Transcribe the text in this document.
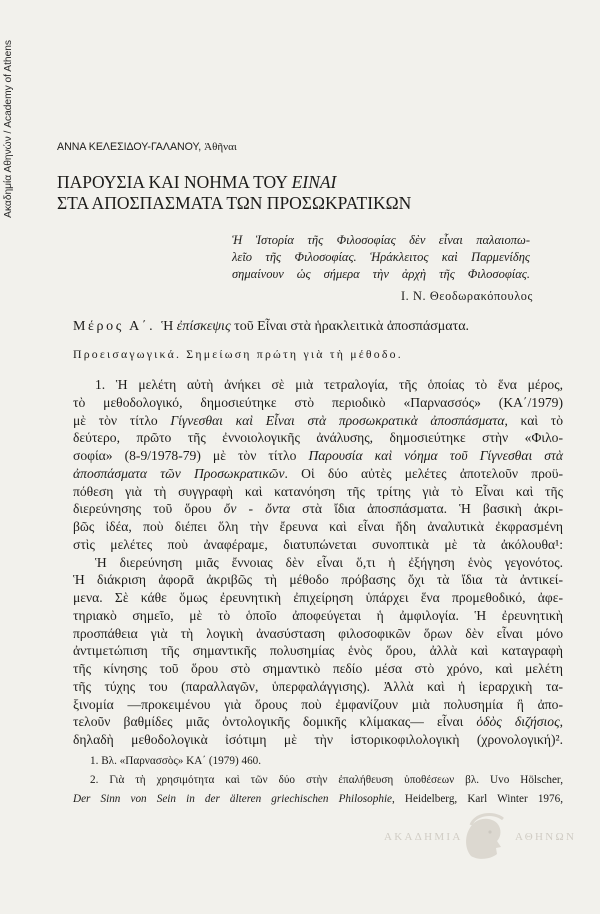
Ακαδημία Αθηνών / Academy of Athens	ΑΝΝΑ ΚΕΛΕΣΙΔΟΥ-ΓΑΛΑΝΟΥ, Ἀθῆναι
ΠΑΡΟΥΣΙΑ ΚΑΙ ΝΟΗΜΑ ΤΟΥ ΕΙΝΑΙ
ΣΤΑ ΑΠΟΣΠΑΣΜΑΤΑ ΤΩΝ ΠΡΟΣΩΚΡΑΤΙΚΩΝ
Ἡ Ἱστορία τῆς Φιλοσοφίας δὲν εἶναι παλαιοπω-
λεῖο τῆς Φιλοσοφίας. Ἡράκλειτος καὶ Παρμενίδης
σημαίνουν ὡς σήμερα τὴν ἀρχὴ τῆς Φιλοσοφίας.
Ι. Ν. Θεοδωρακόπουλος
Μέρος Α΄. Ἡ ἐπίσκεψις τοῦ Εἶναι στὰ ἡρακλειτικὰ ἀποσπάσματα.
Προεισαγωγικά. Σημείωση πρώτη γιὰ τὴ μέθοδο.
1. Ἡ μελέτη αὐτὴ ἀνήκει σὲ μιὰ τετραλογία, τῆς ὁποίας τὸ ἕνα μέρος,
τὸ μεθοδολογικό, δημοσιεύτηκε στὸ περιοδικὸ «Παρνασσός» (ΚΑ΄/1979)
μὲ τὸν τίτλο Γίγνεσθαι καὶ Εἶναι στὰ προσωκρατικὰ ἀποσπάσματα, καὶ τὸ
δεύτερο, πρῶτο τῆς ἐννοιολογικῆς ἀνάλυσης, δημοσιεύτηκε στὴν «Φιλο-
σοφία» (8-9/1978-79) μὲ τὸν τίτλο Παρουσία καὶ νόημα τοῦ Γίγνεσθαι στὰ
ἀποσπάσματα τῶν Προσωκρατικῶν. Οἱ δύο αὐτὲς μελέτες ἀποτελοῦν προϋ-
πόθεση γιὰ τὴ συγγραφὴ καὶ κατανόηση τῆς τρίτης γιὰ τὸ Εἶναι καὶ τῆς
διερεύνησης τοῦ ὅρου ὄν - ὄντα στὰ ἴδια ἀποσπάσματα. Ἡ βασικὴ ἀκρι-
βῶς ἰδέα, ποὺ διέπει ὅλη τὴν ἔρευνα καὶ εἶναι ἤδη ἀναλυτικὰ ἐκφρασμένη
στὶς μελέτες ποὺ ἀναφέραμε, διατυπώνεται συνοπτικὰ μὲ τὰ ἀκόλουθα¹:
Ἡ διερεύνηση μιᾶς ἔννοιας δὲν εἶναι ὅ,τι ἡ ἐξήγηση ἑνὸς γεγονότος.
Ἡ διάκριση ἀφορᾶ ἀκριβῶς τὴ μέθοδο πρόβασης ὄχι τὰ ἴδια τὰ ἀντικεί-
μενα. Σὲ κάθε ὅμως ἐρευνητικὴ ἐπιχείρηση ὑπάρχει ἕνα προμεθοδικό, ἀφε-
τηριακὸ σημεῖο, μὲ τὸ ὁποῖο ἀποφεύγεται ἡ ἀμφιλογία. Ἡ ἐρευνητικὴ
προσπάθεια γιὰ τὴ λογικὴ ἀνασύσταση φιλοσοφικῶν ὅρων δὲν εἶναι μόνο
ἀντιμετώπιση τῆς σημαντικῆς πολυσημίας ἑνὸς ὅρου, ἀλλὰ καὶ καταγραφὴ
τῆς κίνησης τοῦ ὅρου στὸ σημαντικὸ πεδίο μέσα στὸ χρόνο, καὶ μελέτη
τῆς τύχης του (παραλλαγῶν, ὑπερφαλάγγισης). Ἀλλὰ καὶ ἡ ἱεραρχικὴ τα-
ξινομία —προκειμένου γιὰ ὅρους ποὺ ἐμφανίζουν μιὰ πολυσημία ἢ ἀπο-
τελοῦν βαθμίδες μιᾶς ὀντολογικῆς δομικῆς κλίμακας— εἶναι ὁδὸς διζήσιος,
δηλαδὴ μεθοδολογικὰ ἰσότιμη μὲ τὴν ἱστορικοφιλολογικὴ (χρονολογική)².
1. Βλ. «Παρνασσὸς» ΚΑ΄ (1979) 460.
2. Γιὰ τὴ χρησιμότητα καὶ τῶν δύο στὴν ἐπαλήθευση ὑποθέσεων βλ. Uvo Hölscher,
Der Sinn von Sein in der älteren griechischen Philosophie, Heidelberg, Karl Winter 1976,
ΑΚΑΔΗΜΙΑ	ΑΘΗΝΩΝ
